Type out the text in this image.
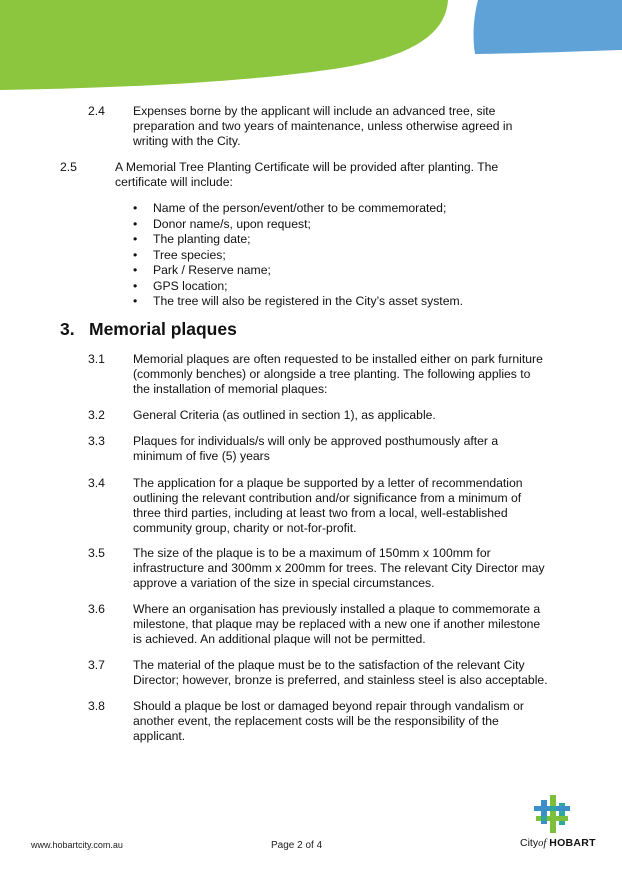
2.4 Expenses borne by the applicant will include an advanced tree, site
preparation and two years of maintenance, unless otherwise agreed in
writing with the City.
2.5	A Memorial Tree Planting Certificate will be provided after planting. The
certificate will include:
• Name of the person/event/other to be commemorated;
• Donor name/s, upon request;
• The planting date;
• Tree species;
• Park / Reserve name;
• GPS location;
• The tree will also be registered in the City’s asset system.
3. Memorial plaques
3.1 Memorial plaques are often requested to be installed either on park furniture
(commonly benches) or alongside a tree planting. The following applies to
the installation of memorial plaques:
3.2 General Criteria (as outlined in section 1), as applicable.
3.3 Plaques for individuals/s will only be approved posthumously after a
minimum of five (5) years
3.4 The application for a plaque be supported by a letter of recommendation
outlining the relevant contribution and/or significance from a minimum of
three third parties, including at least two from a local, well-established
community group, charity or not-for-profit.
3.5 The size of the plaque is to be a maximum of 150mm x 100mm for
infrastructure and 300mm x 200mm for trees. The relevant City Director may
approve a variation of the size in special circumstances.
3.6 Where an organisation has previously installed a plaque to commemorate a
milestone, that plaque may be replaced with a new one if another milestone
is achieved. An additional plaque will not be permitted.
3.7 The material of the plaque must be to the satisfaction of the relevant City
Director; however, bronze is preferred, and stainless steel is also acceptable.
3.8 Should a plaque be lost or damaged beyond repair through vandalism or
another event, the replacement costs will be the responsibility of the
applicant.
Cityof HOBART
www.hobartcity.com.au	Page 2 of 4
